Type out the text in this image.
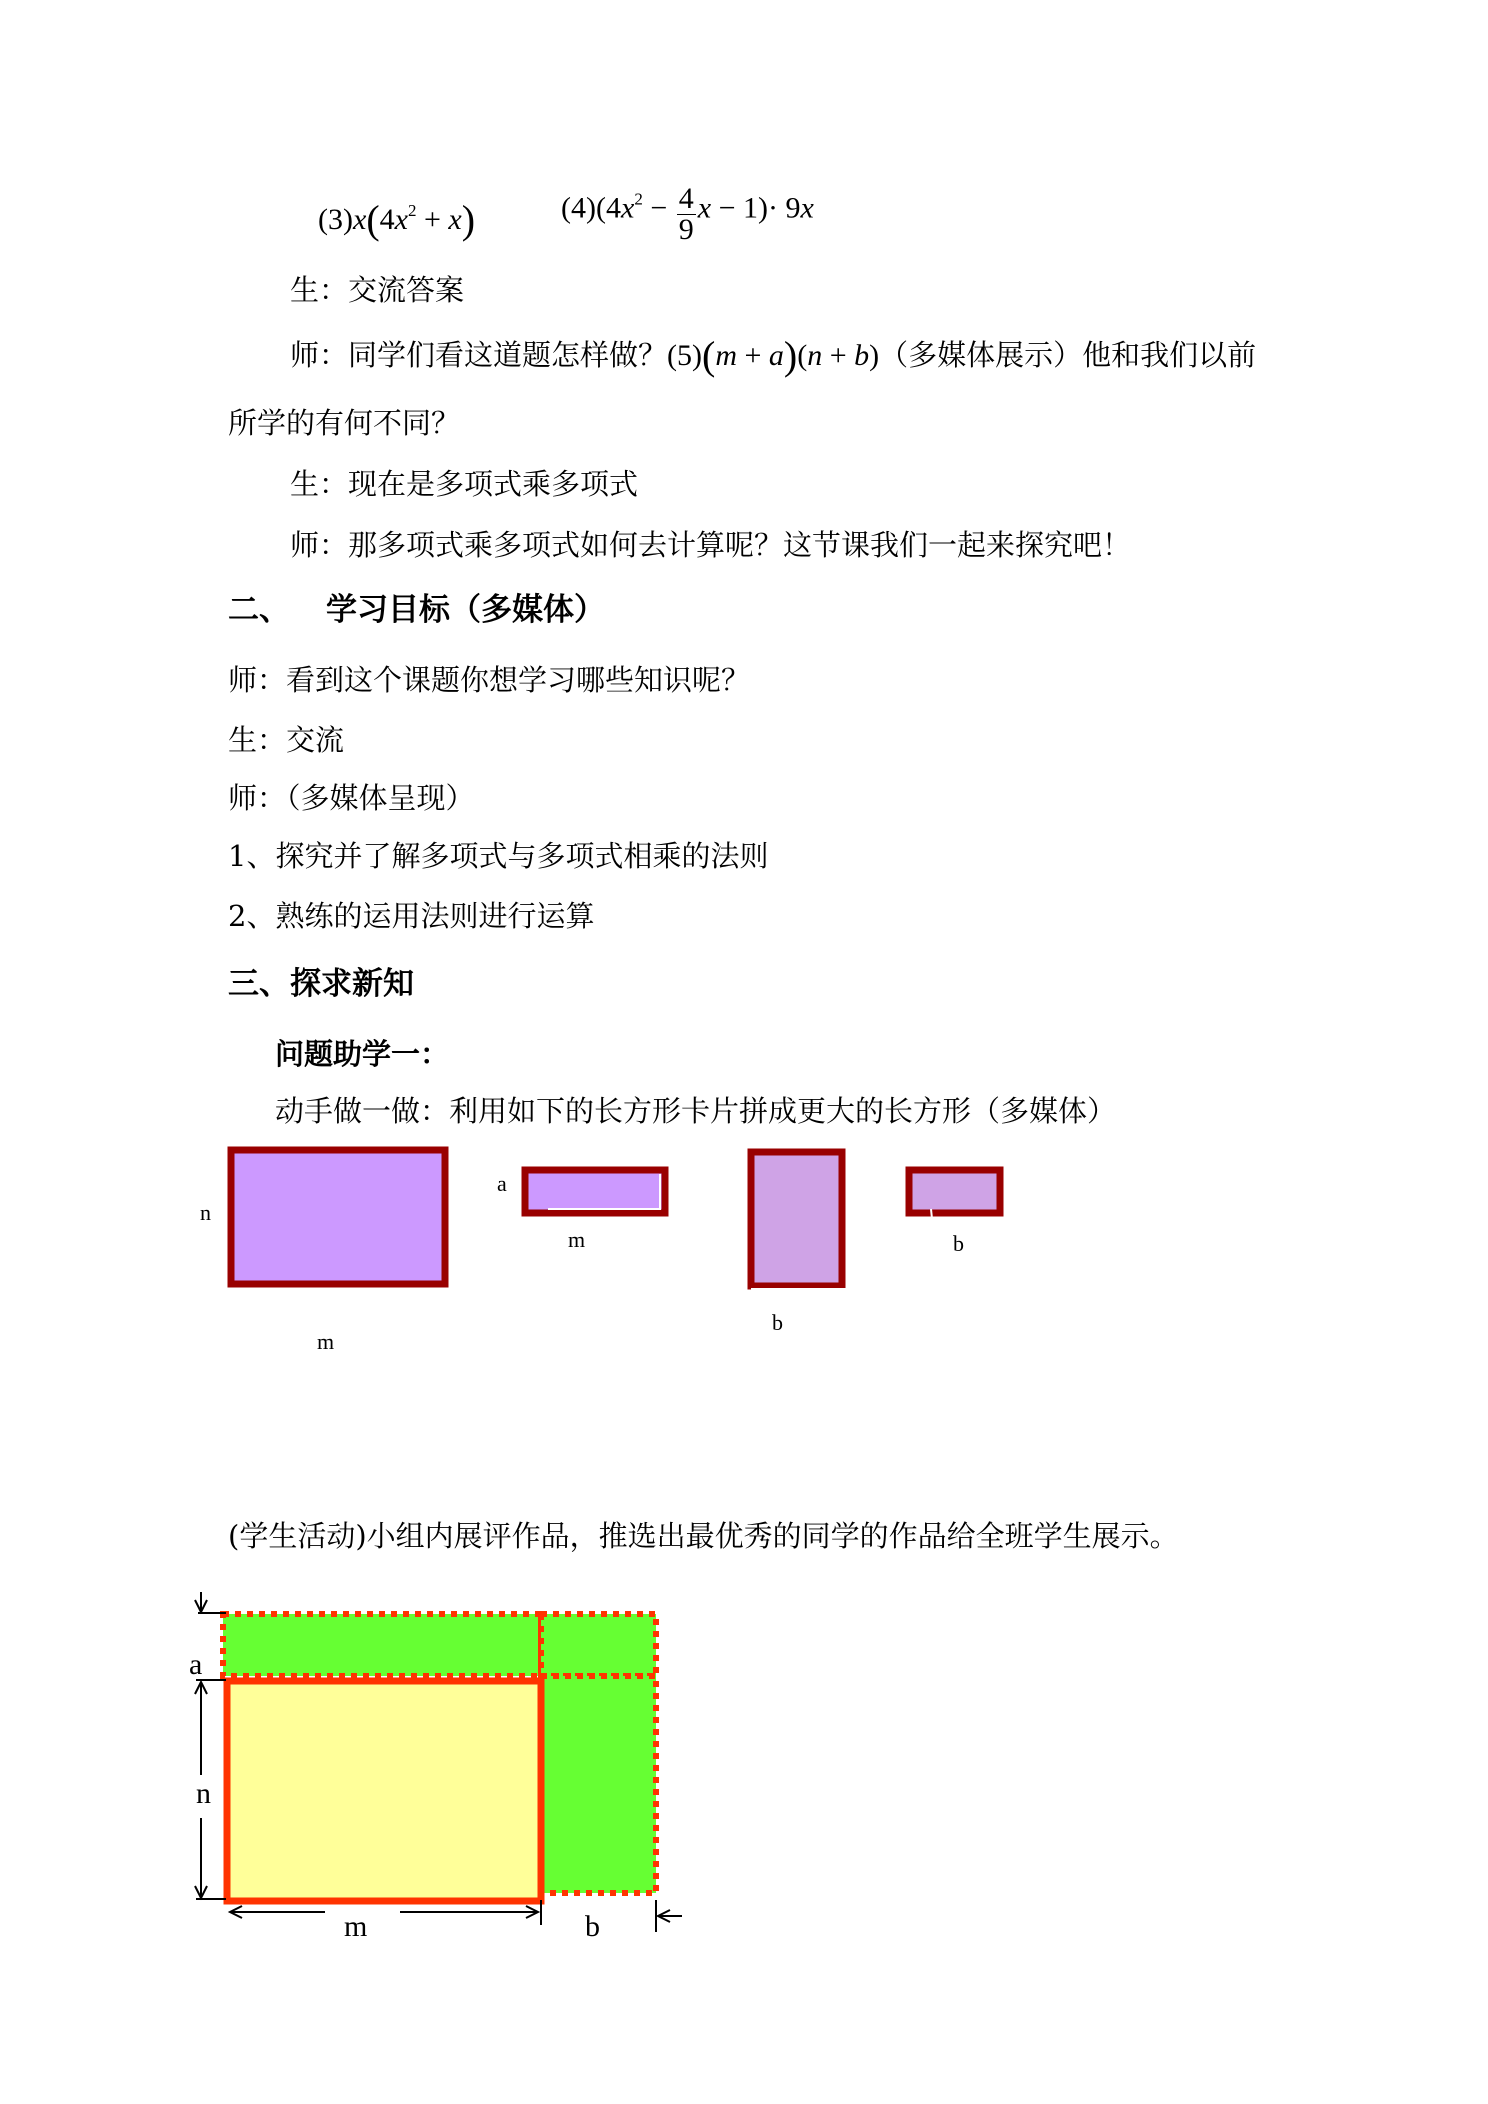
$(3)x(4x^2 + x)$	$(4)(4x^2 - \frac{4}{9}$ x − 1)· 9x
生：交流答案
师：同学们看这道题怎样做？(5)(m + a)(n + b)（多媒体展示）他和我们以前
所学的有何不同？
生：现在是多项式乘多项式
师：那多项式乘多项式如何去计算呢？这节课我们一起来探究吧！
二、 学习目标（多媒体）
师：看到这个课题你想学习哪些知识呢？
生：交流
师：（多媒体呈现）
1、探究并了解多项式与多项式相乘的法则
2、熟练的运用法则进行运算
三、探求新知
问题助学一：
动手做一做：利用如下的长方形卡片拼成更大的长方形（多媒体）
n
m
a
m
b
b
(学生活动)小组内展评作品，推选出最优秀的同学的作品给全班学生展示。
a
n
m	b
